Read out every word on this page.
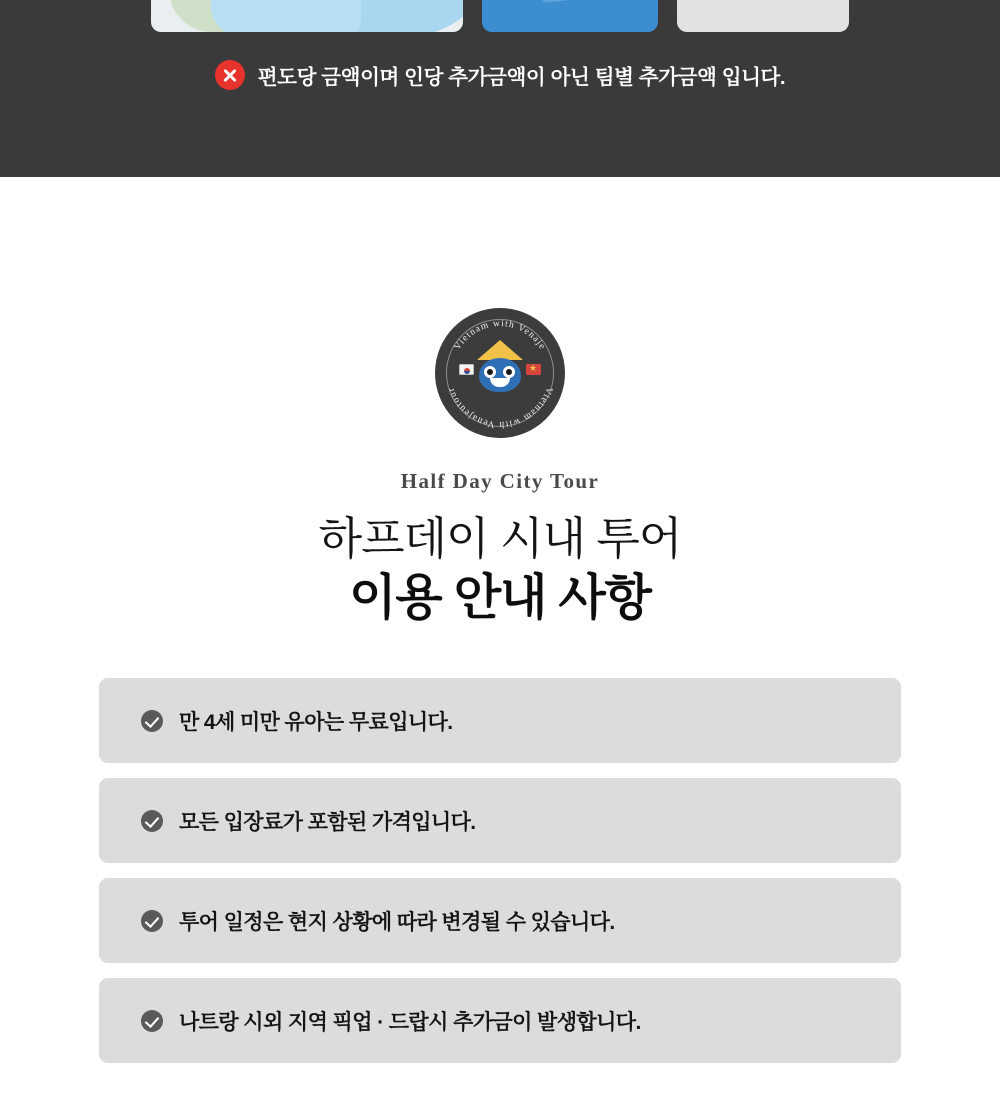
편도당 금액이며 인당 추가금액이 아닌 팀별 추가금액 입니다.
Vietnam with Venaje
Vietnam with Venajeutour
★
Half Day City Tour
하프데이 시내 투어
이용 안내 사항
만 4세 미만 유아는 무료입니다.
모든 입장료가 포함된 가격입니다.
투어 일정은 현지 상황에 따라 변경될 수 있습니다.
나트랑 시외 지역 픽업 · 드랍시 추가금이 발생합니다.
